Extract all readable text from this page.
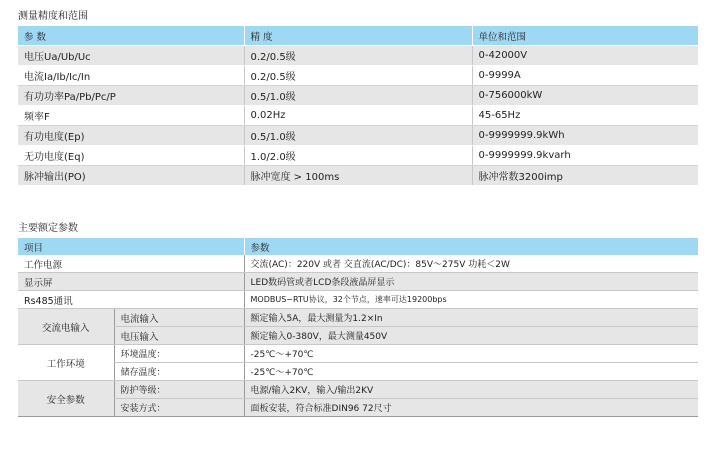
测量精度和范围
参 数	精 度	单位和范围
电压Ua/Ub/Uc	0.2/0.5级	0-42000V
电流Ia/Ib/Ic/In	0.2/0.5级	0-9999A
有功功率Pa/Pb/Pc/P	0.5/1.0级	0-756000kW
频率F	0.02Hz	45-65Hz
有功电度(Ep)	0.5/1.0级	0-9999999.9kWh
无功电度(Eq)	1.0/2.0级	0-9999999.9kvarh
脉冲输出(PO)	脉冲宽度 > 100ms	脉冲常数3200imp
主要额定参数
项目		参数
工作电源		交流(AC)：220V 或者 交直流(AC/DC)：85V～275V 功耗＜2W
显示屏		LED数码管或者LCD条段液晶屏显示
Rs485通讯		MODBUS−RTU协议，32个节点，速率可达19200bps
交流电输入	电流输入	额定输入5A，最大测量为1.2×In
	电压输入	额定输入0-380V，最大测量450V
工作环境	环境温度：	-25℃～+70℃
	储存温度：	-25℃～+70℃
安全参数	防护等级：	电源/输入2KV，输入/输出2KV
	安装方式：	面板安装，符合标准DIN96 72尺寸
